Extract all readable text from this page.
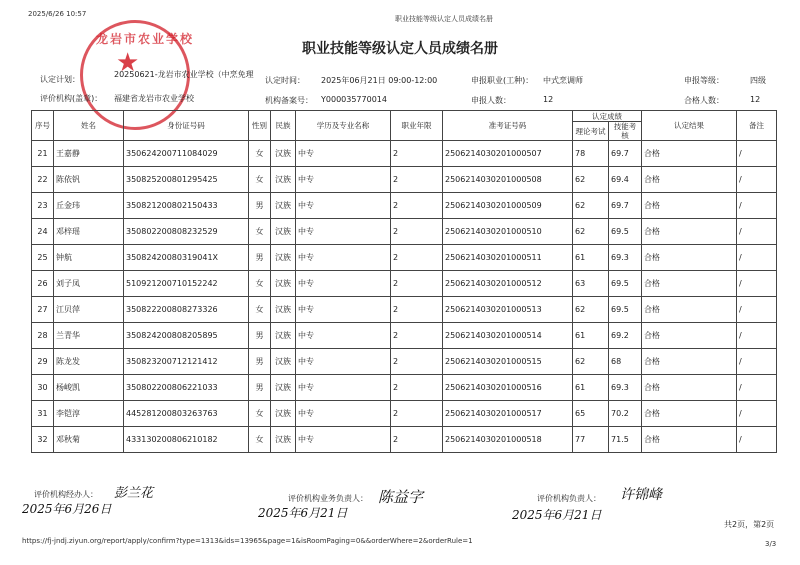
2025/6/26 10:57
职业技能等级认定人员成绩名册
职业技能等级认定人员成绩名册
龙岩市农业学校
★
认定计划：
20250621-龙岩市农业学校（中烹免理
评价机构(盖章)： 福建省龙岩市农业学校
认定时间： 2025年06月21日 09:00-12:00
机构备案号： Y000035770014
申报职业(工种)： 中式烹调师
申报人数：	12
申报等级：	四级
合格人数：	12
序号	姓名	身份证号码	性别	民族	学历及专业名称	职业年限	准考证号码	认定成绩		认定结果	备注
								理论考试	技能考核		
21	王嘉静	350624200711084029	女	汉族	中专	2	2506214030201000507	78	69.7	合格	/
22	陈依钒	350825200801295425	女	汉族	中专	2	2506214030201000508	62	69.4	合格	/
23	丘金玮	350821200802150433	男	汉族	中专	2	2506214030201000509	62	69.7	合格	/
24	邓梓瑶	350802200808232529	女	汉族	中专	2	2506214030201000510	62	69.5	合格	/
25	钟航	35082420080319041X	男	汉族	中专	2	2506214030201000511	61	69.3	合格	/
26	刘子凤	510921200710152242	女	汉族	中专	2	2506214030201000512	63	69.5	合格	/
27	江贝萍	350822200808273326	女	汉族	中专	2	2506214030201000513	62	69.5	合格	/
28	兰青华	350824200808205895	男	汉族	中专	2	2506214030201000514	61	69.2	合格	/
29	陈龙发	350823200712121412	男	汉族	中专	2	2506214030201000515	62	68	合格	/
30	杨峻凯	350802200806221033	男	汉族	中专	2	2506214030201000516	61	69.3	合格	/
31	李铠淳	445281200803263763	女	汉族	中专	2	2506214030201000517	65	70.2	合格	/
32	邓秋菊	433130200806210182	女	汉族	中专	2	2506214030201000518	77	71.5	合格	/
评价机构经办人： 彭兰花
2025年6月26日
评价机构业务负责人： 陈益字
2025年6月21日
评价机构负责人： 许锦峰
2025年6月21日
共2页，第2页
https://fj-jndj.ziyun.org/report/apply/confirm?type=1313&ids=13965&page=1&isRoomPaging=0&&orderWhere=2&orderRule=1	3/3
